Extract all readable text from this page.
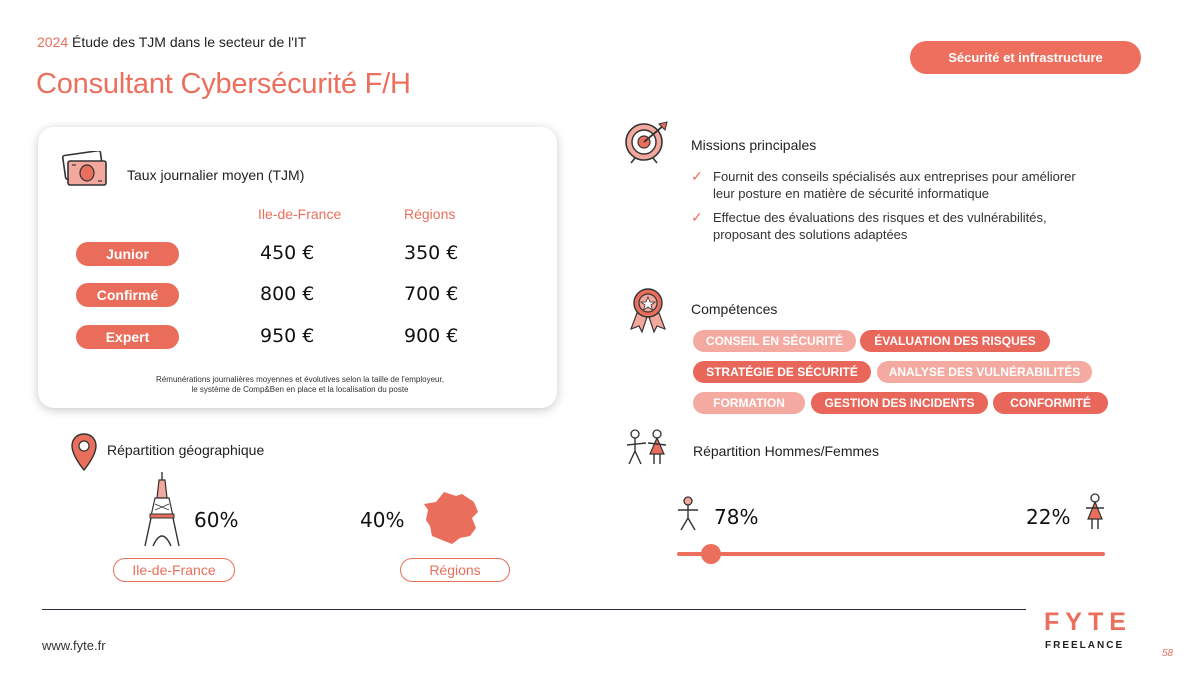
2024 Étude des TJM dans le secteur de l'IT
Consultant Cybersécurité F/H
Sécurité et infrastructure
Taux journalier moyen (TJM)
Ile-de-France	Régions
Junior	450 €	350 €
Confirmé	800 €	700 €
Expert	950 €	900 €
Rémunérations journalières moyennes et évolutives selon la taille de l'employeur,
le système de Comp&Ben en place et la localisation du poste
Missions principales
✓ Fournit des conseils spécialisés aux entreprises pour améliorer
leur posture en matière de sécurité informatique
✓ Effectue des évaluations des risques et des vulnérabilités,
proposant des solutions adaptées
Compétences
CONSEIL EN SÉCURITÉ	ÉVALUATION DES RISQUES
STRATÉGIE DE SÉCURITÉ	ANALYSE DES VULNÉRABILITÉS
FORMATION	GESTION DES INCIDENTS	CONFORMITÉ
Répartition géographique
60%
Ile-de-France
40%
Régions
Répartition Hommes/Femmes
78%	22%
www.fyte.fr
FYTE
FREELANCE
58
